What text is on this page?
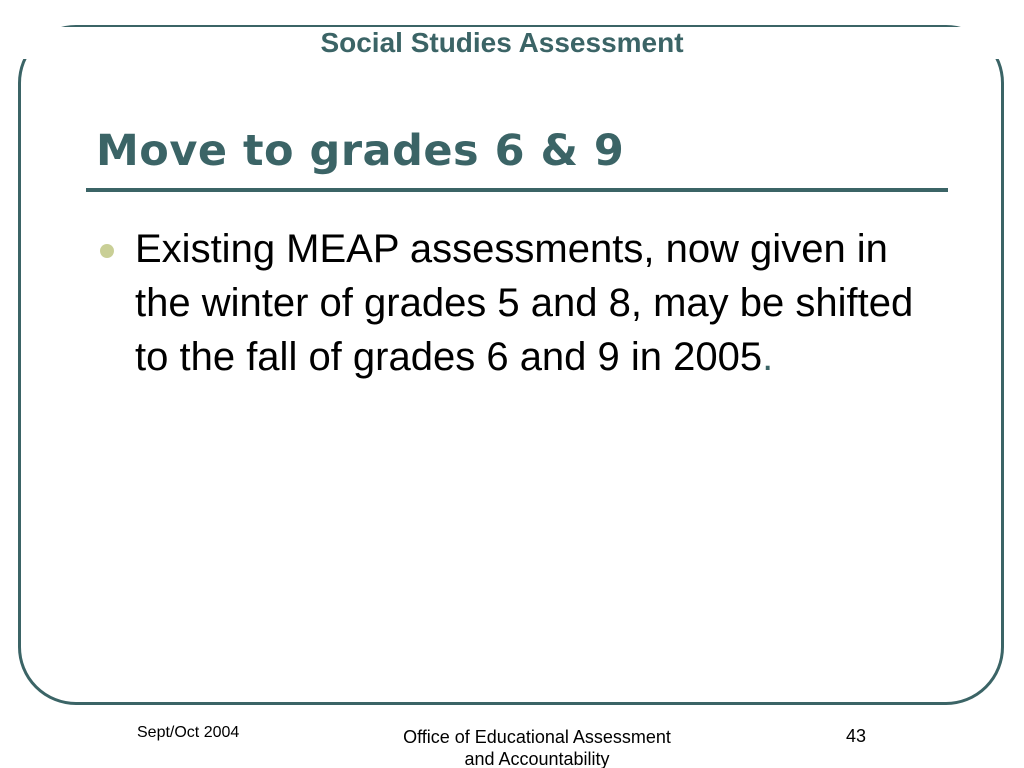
Social Studies Assessment
Move to grades 6 & 9
Existing MEAP assessments, now given in the winter of grades 5 and 8, may be shifted to the fall of grades 6 and 9 in 2005.
Sept/Oct 2004	Office of Educational Assessment
and Accountability
43
